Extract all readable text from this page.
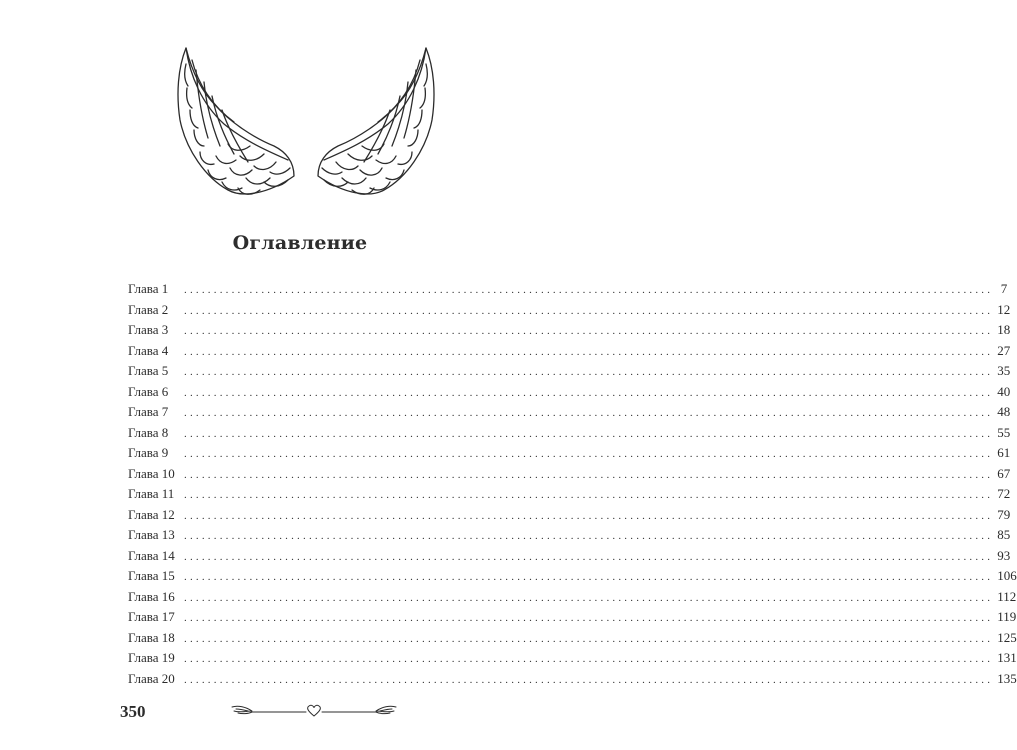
Оглавление
Глава 1	........................................................................................................................................ 7
Глава 2	........................................................................................................................................ 12
Глава 3	........................................................................................................................................ 18
Глава 4	........................................................................................................................................ 27
Глава 5	........................................................................................................................................ 35
Глава 6	........................................................................................................................................ 40
Глава 7	........................................................................................................................................ 48
Глава 8	........................................................................................................................................ 55
Глава 9	........................................................................................................................................ 61
Глава 10 ........................................................................................................................................ 67
Глава 11 ........................................................................................................................................ 72
Глава 12 ........................................................................................................................................ 79
Глава 13 ........................................................................................................................................ 85
Глава 14 ........................................................................................................................................ 93
Глава 15 ........................................................................................................................................ 106
Глава 16 ........................................................................................................................................ 112
Глава 17 ........................................................................................................................................ 119
Глава 18 ........................................................................................................................................ 125
Глава 19 ........................................................................................................................................ 131
Глава 20 ........................................................................................................................................ 135
350
